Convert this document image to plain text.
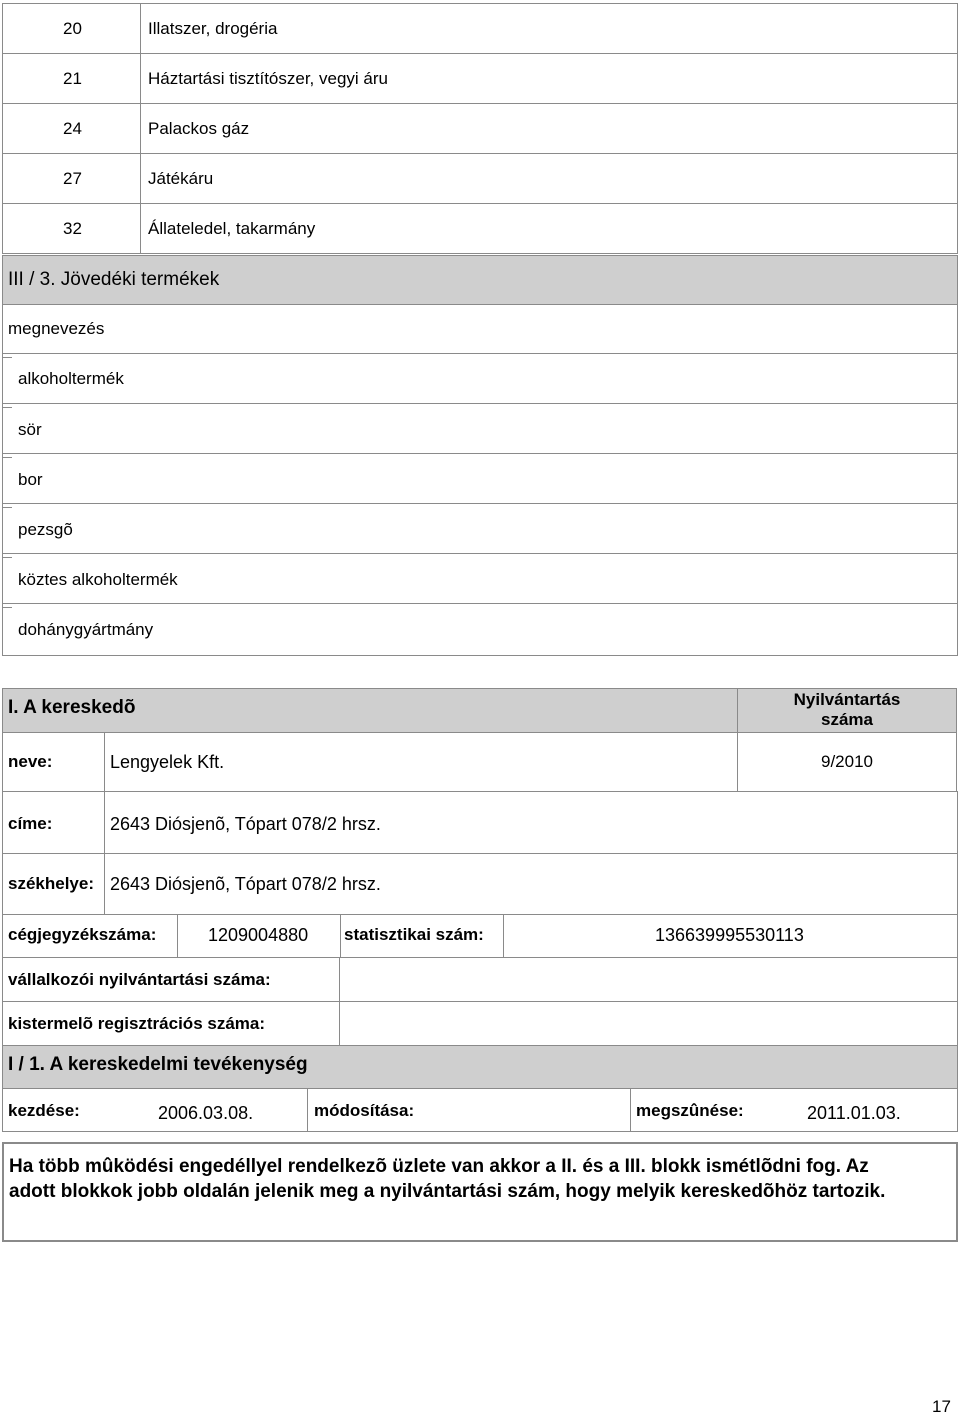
20	Illatszer, drogéria
21	Háztartási tisztítószer, vegyi áru
24	Palackos gáz
27	Játékáru
32	Állateledel, takarmány
III / 3. Jövedéki termékek
megnevezés
alkoholtermék
sör
bor
pezsgõ
köztes alkoholtermék
dohánygyártmány
I. A kereskedõ	Nyilvántartás száma
neve:	Lengyelek Kft.	9/2010
címe:	2643 Diósjenõ, Tópart 078/2 hrsz.
székhelye: 2643 Diósjenõ, Tópart 078/2 hrsz.
cégjegyzékszáma:	1209004880 statisztikai szám:	136639995530113
vállalkozói nyilvántartási száma:
kistermelõ regisztrációs száma:
I / 1. A kereskedelmi tevékenység
kezdése:	2006.03.08.	módosítása:	megszûnése:	2011.01.03.
Ha több mûködési engedéllyel rendelkezõ üzlete van akkor a II. és a III. blokk ismétlõdni fog. Az adott blokkok jobb oldalán jelenik meg a nyilvántartási szám, hogy melyik kereskedõhöz tartozik.
17
